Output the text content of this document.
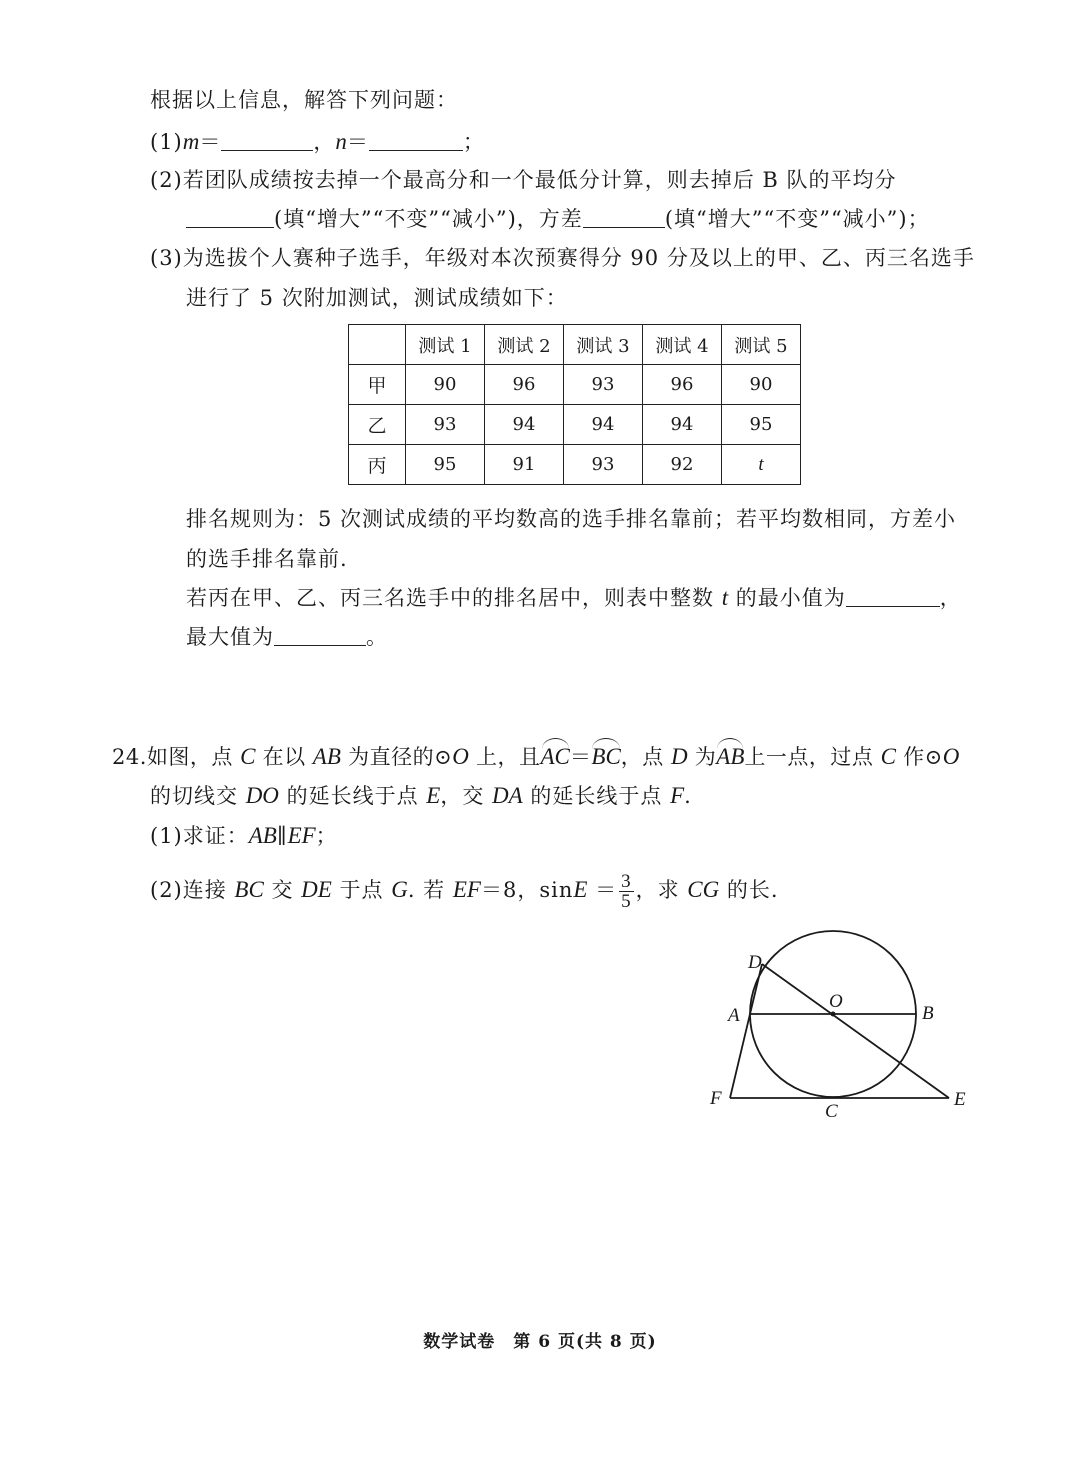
根据以上信息，解答下列问题：
(1)m＝	，n＝	；
(2)若团队成绩按去掉一个最高分和一个最低分计算，则去掉后 B 队的平均分
(填“增大”“不变”“减小”)，方差	(填“增大”“不变”“减小”)；
(3)为选拔个人赛种子选手，年级对本次预赛得分 90 分及以上的甲、乙、丙三名选手
进行了 5 次附加测试，测试成绩如下：
	测试 1	测试 2	测试 3	测试 4	测试 5
甲	90	96	93	96	90
乙	93	94	94	94	95
丙	95	91	93	92	t
排名规则为：5 次测试成绩的平均数高的选手排名靠前；若平均数相同，方差小
的选手排名靠前.
若丙在甲、乙、丙三名选手中的排名居中，则表中整数 t 的最小值为	，
最大值为	。
24.如图，点 C 在以 AB 为直径的⊙O 上，且AC＝BC，点 D 为AB上一点，过点 C 作⊙O
的切线交 DO 的延长线于点 E，交 DA 的延长线于点 F.
(1)求证：AB∥EF；
(2)连接 BC 交 DE 于点 G. 若 EF＝8，$\sin E = \frac{3}{5}$ ，求 CG 的长.
D
O
A	B
F
C
E
数学试卷　第 6 页(共 8 页)
